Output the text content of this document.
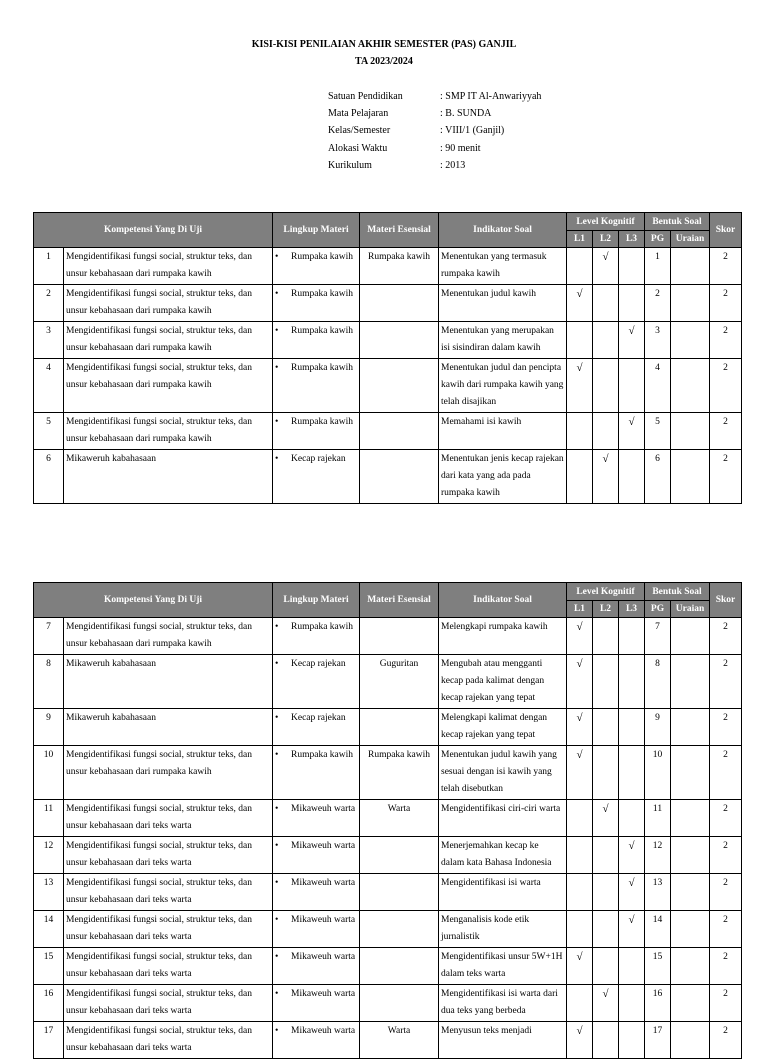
KISI-KISI PENILAIAN AKHIR SEMESTER (PAS) GANJIL
TA 2023/2024
Satuan Pendidikan	: SMP IT Al-Anwariyyah
Mata Pelajaran	: B. SUNDA
Kelas/Semester	: VIII/1 (Ganjil)
Alokasi Waktu	: 90 menit
Kurikulum	: 2013
Kompetensi Yang Di Uji		Lingkup Materi	Materi Esensial	Indikator Soal	Level Kognitif			Bentuk Soal		Skor
					L1	L2	L3	PG	Uraian	
1	Mengidentifikasi fungsi social, struktur teks, dan unsur kebahasaan dari rumpaka kawih	• Rumpaka kawih	Rumpaka kawih	Menentukan yang termasuk rumpaka kawih		√		1		2
2	Mengidentifikasi fungsi social, struktur teks, dan unsur kebahasaan dari rumpaka kawih	• Rumpaka kawih		Menentukan judul kawih	√			2		2
3	Mengidentifikasi fungsi social, struktur teks, dan unsur kebahasaan dari rumpaka kawih	• Rumpaka kawih		Menentukan yang merupakan isi sisindiran dalam kawih			√	3		2
4	Mengidentifikasi fungsi social, struktur teks, dan unsur kebahasaan dari rumpaka kawih	• Rumpaka kawih		Menentukan judul dan pencipta kawih dari rumpaka kawih yang telah disajikan	√			4		2
5	Mengidentifikasi fungsi social, struktur teks, dan unsur kebahasaan dari rumpaka kawih	• Rumpaka kawih		Memahami isi kawih			√	5		2
6	Mikaweruh kabahasaan	• Kecap rajekan		Menentukan jenis kecap rajekan dari kata yang ada pada rumpaka kawih		√		6		2
Kompetensi Yang Di Uji		Lingkup Materi	Materi Esensial	Indikator Soal	Level Kognitif			Bentuk Soal		Skor
					L1	L2	L3	PG	Uraian	
7	Mengidentifikasi fungsi social, struktur teks, dan unsur kebahasaan dari rumpaka kawih	• Rumpaka kawih		Melengkapi rumpaka kawih	√			7		2
8	Mikaweruh kabahasaan	• Kecap rajekan	Guguritan	Mengubah atau mengganti kecap pada kalimat dengan kecap rajekan yang tepat	√			8		2
9	Mikaweruh kabahasaan	• Kecap rajekan		Melengkapi kalimat dengan kecap rajekan yang tepat	√			9		2
10	Mengidentifikasi fungsi social, struktur teks, dan unsur kebahasaan dari rumpaka kawih	• Rumpaka kawih	Rumpaka kawih	Menentukan judul kawih yang sesuai dengan isi kawih yang telah disebutkan	√			10		2
11	Mengidentifikasi fungsi social, struktur teks, dan unsur kebahasaan dari teks warta	• Mikaweuh warta	Warta	Mengidentifikasi ciri-ciri warta		√		11		2
12	Mengidentifikasi fungsi social, struktur teks, dan unsur kebahasaan dari teks warta	• Mikaweuh warta		Menerjemahkan kecap ke dalam kata Bahasa Indonesia			√	12		2
13	Mengidentifikasi fungsi social, struktur teks, dan unsur kebahasaan dari teks warta	• Mikaweuh warta		Mengidentifikasi isi warta			√	13		2
14	Mengidentifikasi fungsi social, struktur teks, dan unsur kebahasaan dari teks warta	• Mikaweuh warta		Menganalisis kode etik jurnalistik			√	14		2
15	Mengidentifikasi fungsi social, struktur teks, dan unsur kebahasaan dari teks warta	• Mikaweuh warta		Mengidentifikasi unsur 5W+1H dalam teks warta	√			15		2
16	Mengidentifikasi fungsi social, struktur teks, dan unsur kebahasaan dari teks warta	• Mikaweuh warta		Mengidentifikasi isi warta dari dua teks yang berbeda		√		16		2
17	Mengidentifikasi fungsi social, struktur teks, dan unsur kebahasaan dari teks warta	• Mikaweuh warta	Warta	Menyusun teks menjadi	√			17		2
